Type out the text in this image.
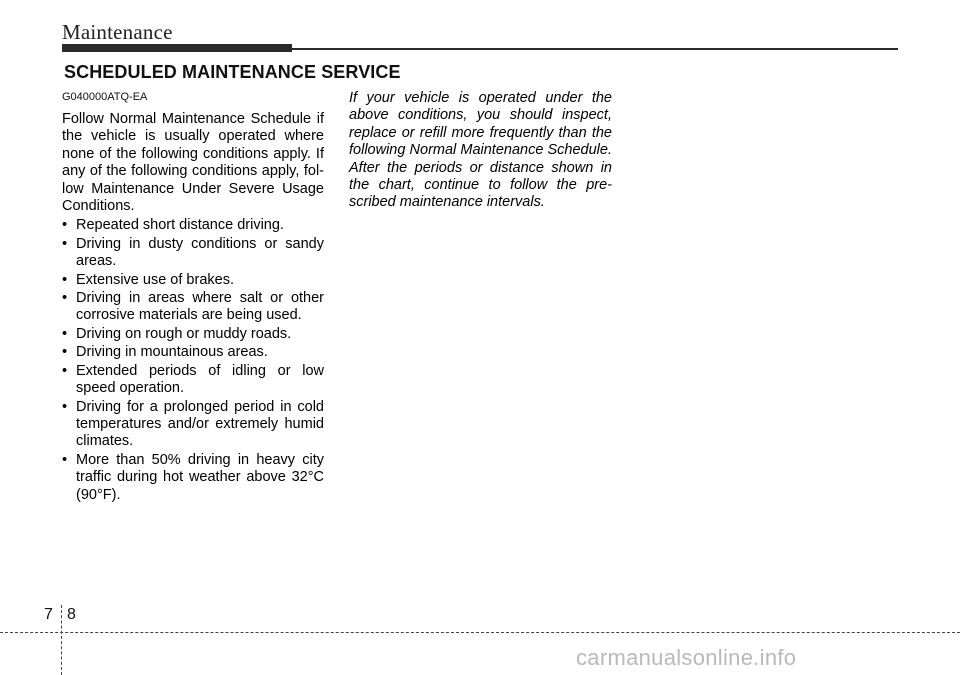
Maintenance
SCHEDULED MAINTENANCE SERVICE
G040000ATQ-EA

Follow Normal Maintenance Schedule if the vehicle is usually operated where none of the following conditions apply. If any of the following conditions apply, fol-low Maintenance Under Severe Usage Conditions.

• Repeated short distance driving.
• Driving in dusty conditions or sandy areas.
• Extensive use of brakes.
• Driving in areas where salt or other corrosive materials are being used.
• Driving on rough or muddy roads.
• Driving in mountainous areas.
• Extended periods of idling or low speed operation.
• Driving for a prolonged period in cold temperatures and/or extremely humid climates.
• More than 50% driving in heavy city traffic during hot weather above 32°C (90°F).

If your vehicle is operated under the above conditions, you should inspect, replace or refill more frequently than the following Normal Maintenance Schedule. After the periods or distance shown in the chart, continue to follow the pre-scribed maintenance intervals.

7 8
carmanualsonline.info
